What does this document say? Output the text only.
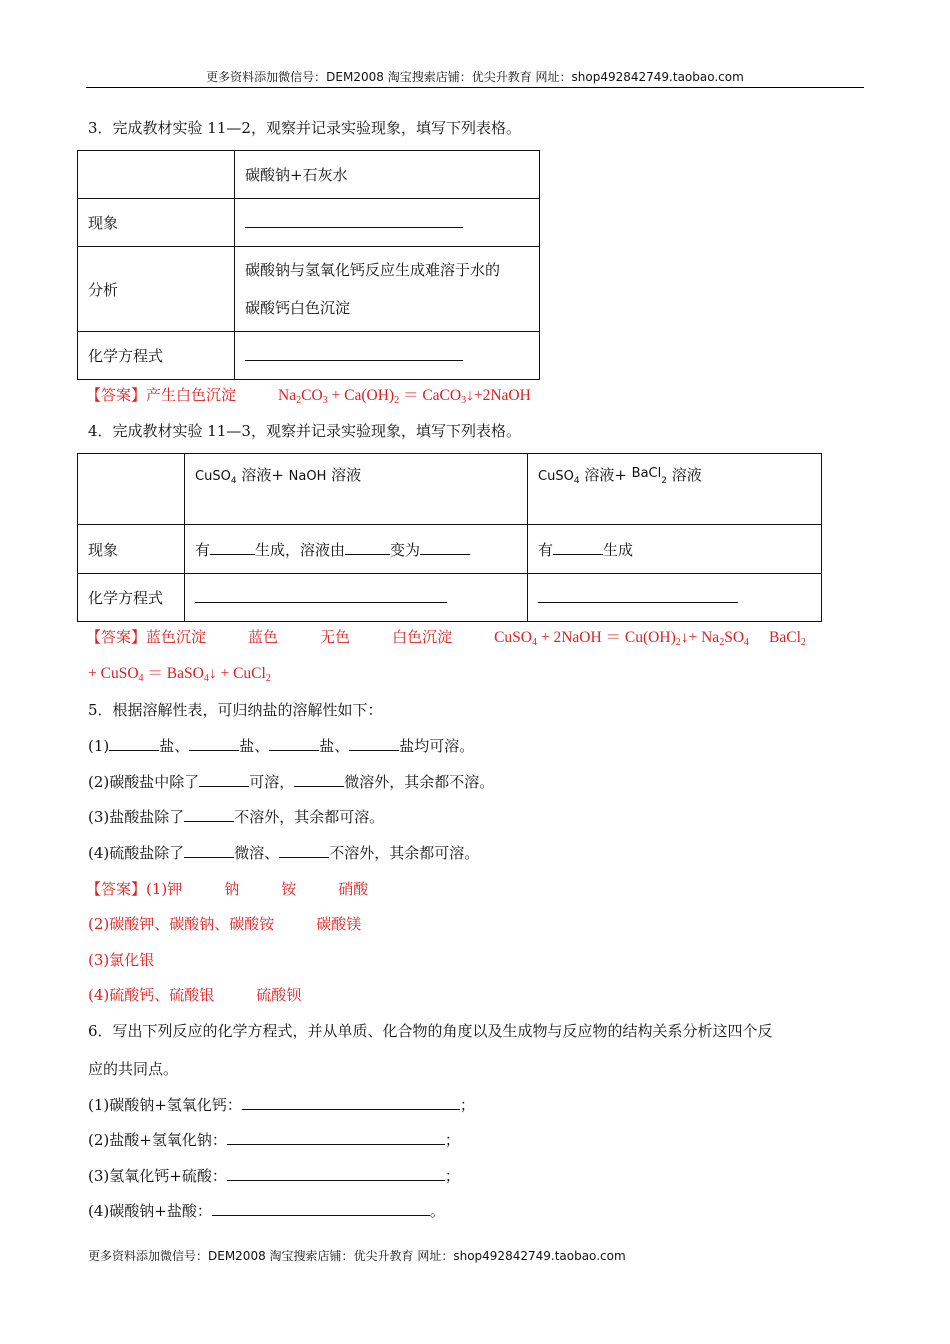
更多资料添加微信号：DEM2008 淘宝搜索店铺：优尖升教育 网址：shop492842749.taobao.com
3．完成教材实验 11—2，观察并记录实验现象，填写下列表格。
	碳酸钠+石灰水
现象	
分析	碳酸钠与氢氧化钙反应生成难溶于水的
碳酸钙白色沉淀

化学方程式	
【答案】产生白色沉淀	$Na_2CO_3 + Ca(OH)_2$ ＝ CaCO$_3$↓+2NaOH
4．完成教材实验 11—3，观察并记录实验现象，填写下列表格。
	CuSO$_4$ 溶液+ NaOH 溶液	CuSO$_4$ 溶液+ BaCl$_2$ 溶液
现象	有 生成，溶液由 变为	有 生成
化学方程式		
【答案】蓝色沉淀	蓝色	无色	白色沉淀	CuSO$_4$ + 2NaOH ＝ $Cu(OH)_2↓+ Na_2SO_4$ BaCl$_2$
+ CuSO$_4$ ＝ BaSO$_4$↓ + CuCl$_2$
5．根据溶解性表，可归纳盐的溶解性如下：
(1)	盐、	盐、	盐、	盐均可溶。
(2)碳酸盐中除了	可溶，	微溶外，其余都不溶。
(3)盐酸盐除了	不溶外，其余都可溶。
(4)硫酸盐除了	微溶、	不溶外，其余都可溶。
【答案】(1)钾	钠	铵	硝酸
(2)碳酸钾、碳酸钠、碳酸铵	碳酸镁
(3)氯化银
(4)硫酸钙、硫酸银	硫酸钡
6．写出下列反应的化学方程式，并从单质、化合物的角度以及生成物与反应物的结构关系分析这四个反
应的共同点。
(1)碳酸钠+氢氧化钙：	；
(2)盐酸+氢氧化钠：	；
(3)氢氧化钙+硫酸：	；
(4)碳酸钠+盐酸：	。
更多资料添加微信号：DEM2008 淘宝搜索店铺：优尖升教育 网址：shop492842749.taobao.com
